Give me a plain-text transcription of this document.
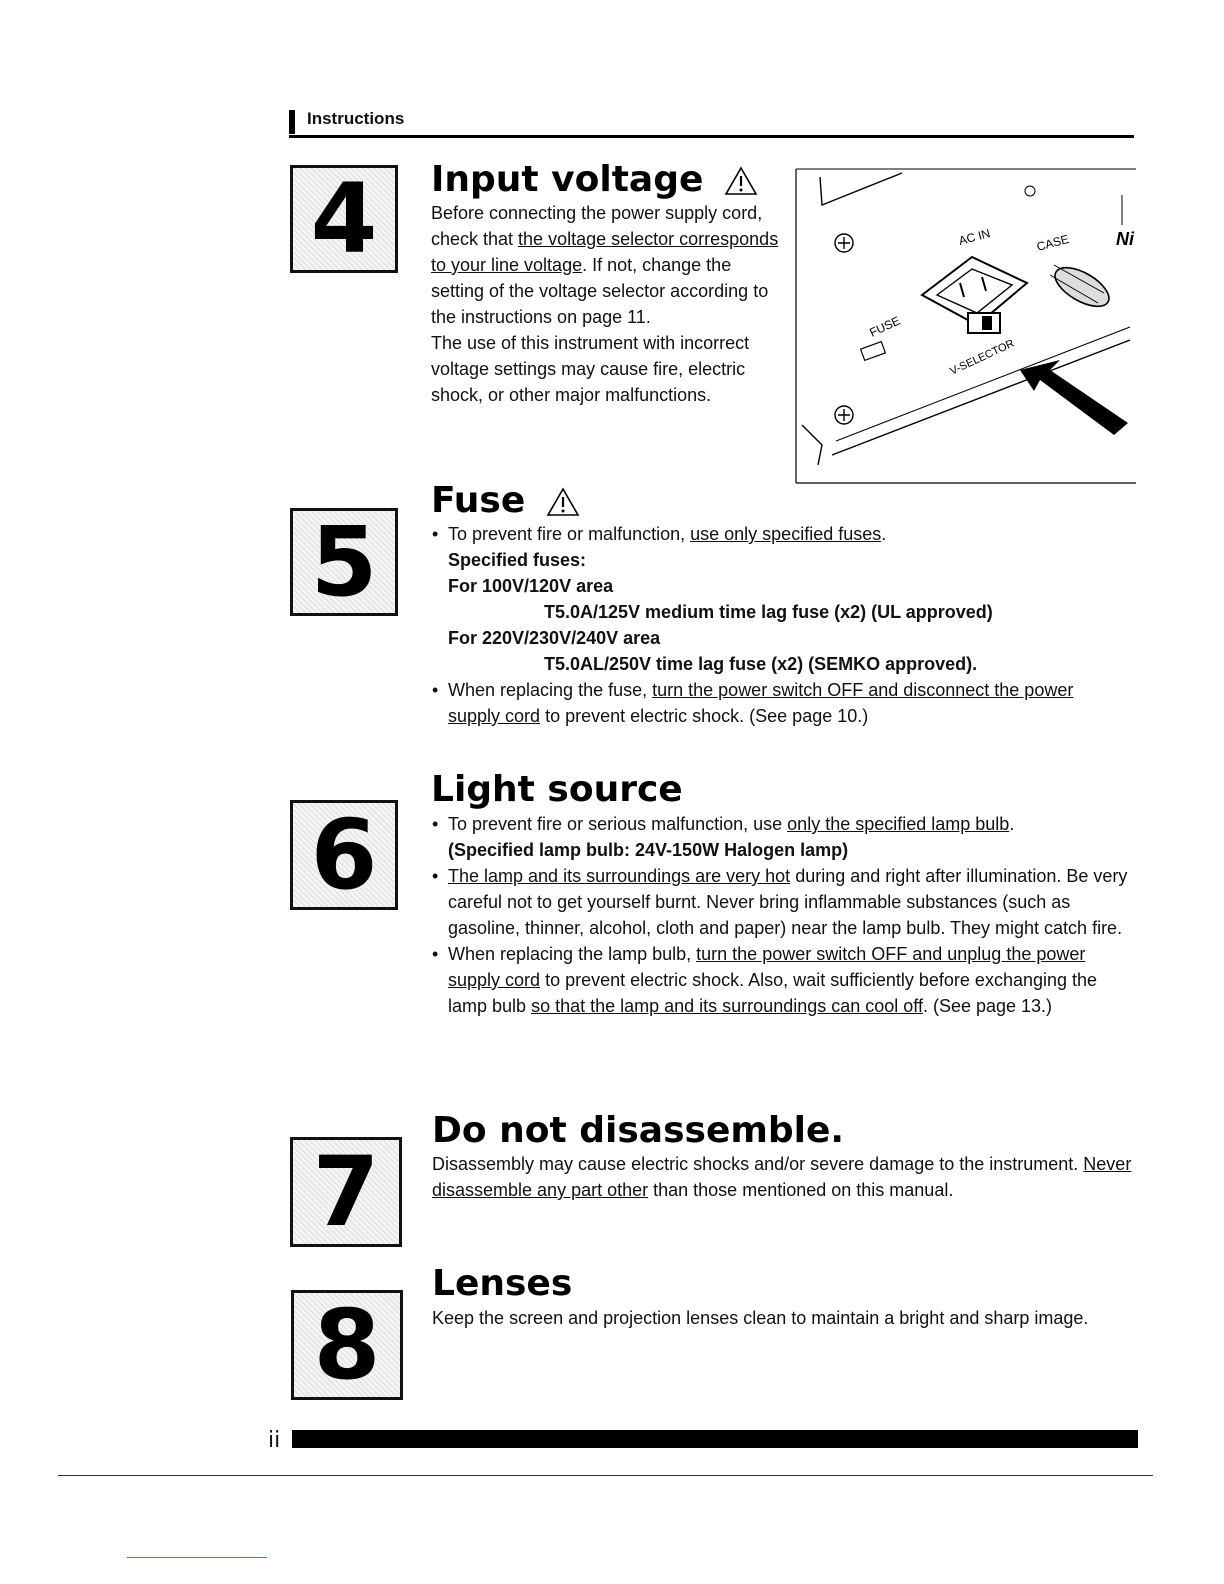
Instructions
4 Input voltage
Before connecting the power supply cord, check that the voltage selector corresponds to your line voltage. If not, change the setting of the voltage selector according to the instructions on page 11.
The use of this instrument with incorrect voltage settings may cause fire, electric shock, or other major malfunctions.
AC IN	CASE	Ni
FUSE
V-SELECTOR
5
Fuse
• To prevent fire or malfunction, use only specified fuses.
Specified fuses:
For 100V/120V area
T5.0A/125V medium time lag fuse (x2) (UL approved)
For 220V/230V/240V area
T5.0AL/250V time lag fuse (x2) (SEMKO approved).
• When replacing the fuse, turn the power switch OFF and disconnect the power supply cord to prevent electric shock. (See page 10.)
6
Light source
• To prevent fire or serious malfunction, use only the specified lamp bulb.
(Specified lamp bulb: 24V-150W Halogen lamp)
• The lamp and its surroundings are very hot during and right after illumination. Be very careful not to get yourself burnt. Never bring inflammable substances (such as gasoline, thinner, alcohol, cloth and paper) near the lamp bulb. They might catch fire.
• When replacing the lamp bulb, turn the power switch OFF and unplug the power supply cord to prevent electric shock. Also, wait sufficiently before exchanging the lamp bulb so that the lamp and its surroundings can cool off. (See page 13.)
7
Do not disassemble.
Disassembly may cause electric shocks and/or severe damage to the instrument. Never disassemble any part other than those mentioned on this manual.
8
Lenses
Keep the screen and projection lenses clean to maintain a bright and sharp image.
ii
